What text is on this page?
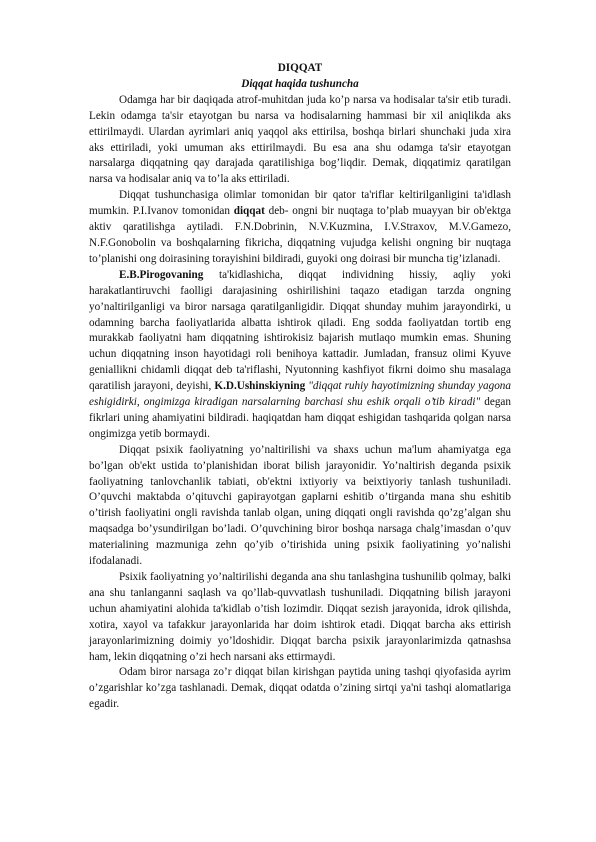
DIQQAT
Diqqat haqida tushuncha

Odamga har bir daqiqada atrof-muhitdan juda ko’p narsa va hodisalar ta'sir etib turadi. Lekin odamga ta'sir etayotgan bu narsa va hodisalarning hammasi bir xil aniqlikda aks ettirilmaydi. Ulardan ayrimlari aniq yaqqol aks ettirilsa, boshqa birlari shunchaki juda xira aks ettiriladi, yoki umuman aks ettirilmaydi. Bu esa ana shu odamga ta'sir etayotgan narsalarga diqqatning qay darajada qaratilishiga bog’liqdir. Demak, diqqatimiz qaratilgan narsa va hodisalar aniq va to’la aks ettiriladi.

Diqqat tushunchasiga olimlar tomonidan bir qator ta'riflar keltirilganligini ta'idlash mumkin. P.I.Ivanov tomonidan diqqat deb- ongni bir nuqtaga to’plab muayyan bir ob'ektga aktiv qaratilishga aytiladi. F.N.Dobrinin, N.V.Kuzmina, I.V.Straxov, M.V.Gamezo, N.F.Gonobolin va boshqalarning fikricha, diqqatning vujudga kelishi ongning bir nuqtaga to’planishi ong doirasining torayishini bildiradi, guyoki ong doirasi bir muncha tig’izlanadi.

E.B.Pirogovaning ta'kidlashicha, diqqat individning hissiy, aqliy yoki harakatlantiruvchi faolligi darajasining oshirilishini taqazo etadigan tarzda ongning yo’naltirilganligi va biror narsaga qaratilganligidir. Diqqat shunday muhim jarayondirki, u odamning barcha faoliyatlarida albatta ishtirok qiladi. Eng sodda faoliyatdan tortib eng murakkab faoliyatni ham diqqatning ishtirokisiz bajarish mutlaqo mumkin emas. Shuning uchun diqqatning inson hayotidagi roli benihoya kattadir. Jumladan, fransuz olimi Kyuve geniallikni chidamli diqqat deb ta'riflashi, Nyutonning kashfiyot fikrni doimo shu masalaga qaratilish jarayoni, deyishi, K.D.Ushinskiyning "diqqat ruhiy hayotimizning shunday yagona eshigidirki, ongimizga kiradigan narsalarning barchasi shu eshik orqali o’tib kiradi" degan fikrlari uning ahamiyatini bildiradi. haqiqatdan ham diqqat eshigidan tashqarida qolgan narsa ongimizga yetib bormaydi.

Diqqat psixik faoliyatning yo’naltirilishi va shaxs uchun ma'lum ahamiyatga ega bo’lgan ob'ekt ustida to’planishidan iborat bilish jarayonidir. Yo’naltirish deganda psixik faoliyatning tanlovchanlik tabiati, ob'ektni ixtiyoriy va beixtiyoriy tanlash tushuniladi. O’quvchi maktabda o’qituvchi gapirayotgan gaplarni eshitib o’tirganda mana shu eshitib o’tirish faoliyatini ongli ravishda tanlab olgan, uning diqqati ongli ravishda qo’zg’algan shu maqsadga bo’ysundirilgan bo’ladi. O’quvchining biror boshqa narsaga chalg’imasdan o’quv materialining mazmuniga zehn qo’yib o’tirishida uning psixik faoliyatining yo’nalishi ifodalanadi.

Psixik faoliyatning yo’naltirilishi deganda ana shu tanlashgina tushunilib qolmay, balki ana shu tanlanganni saqlash va qo’llab-quvvatlash tushuniladi. Diqqatning bilish jarayoni uchun ahamiyatini alohida ta'kidlab o’tish lozimdir. Diqqat sezish jarayonida, idrok qilishda, xotira, xayol va tafakkur jarayonlarida har doim ishtirok etadi. Diqqat barcha aks ettirish jarayonlarimizning doimiy yo’ldoshidir. Diqqat barcha psixik jarayonlarimizda qatnashsa ham, lekin diqqatning o’zi hech narsani aks ettirmaydi.

Odam biror narsaga zo’r diqqat bilan kirishgan paytida uning tashqi qiyofasida ayrim o’zgarishlar ko’zga tashlanadi. Demak, diqqat odatda o’zining sirtqi ya'ni tashqi alomatlariga egadir.
